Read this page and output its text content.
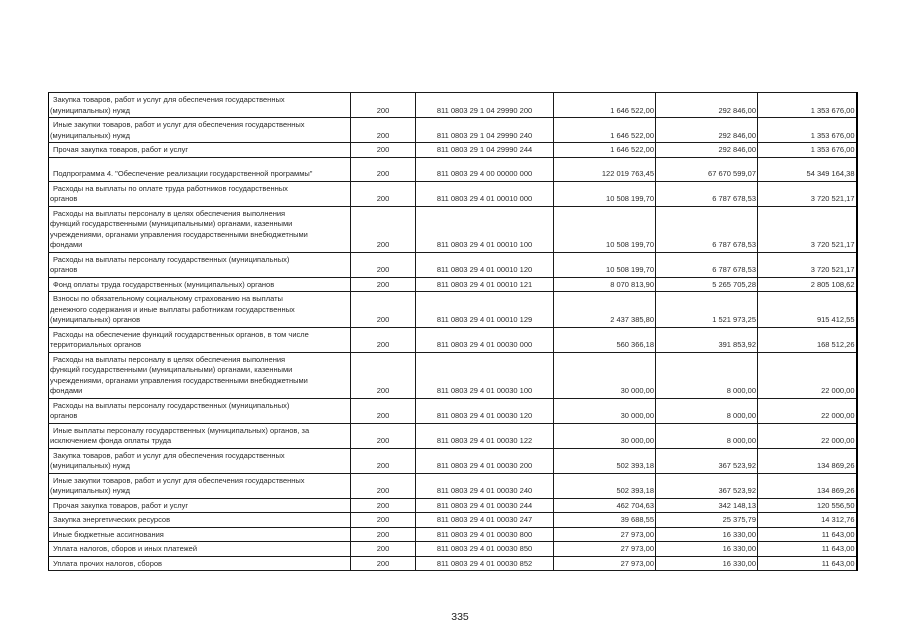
Закупка товаров, работ и услуг для обеспечения государственных
(муниципальных) нужд	200	811 0803 29 1 04 29990 200	1 646 522,00	292 846,00	1 353 676,00
Иные закупки товаров, работ и услуг для обеспечения государственных
(муниципальных) нужд	200	811 0803 29 1 04 29990 240	1 646 522,00	292 846,00	1 353 676,00
Прочая закупка товаров, работ и услуг	200	811 0803 29 1 04 29990 244	1 646 522,00	292 846,00	1 353 676,00
Подпрограмма 4. "Обеспечение реализации государственной программы"	200	811 0803 29 4 00 00000 000	122 019 763,45	67 670 599,07	54 349 164,38
Расходы на выплаты по оплате труда работников государственных
органов	200	811 0803 29 4 01 00010 000	10 508 199,70	6 787 678,53	3 720 521,17
Расходы на выплаты персоналу в целях обеспечения выполнения
функций государственными (муниципальными) органами, казенными
учреждениями, органами управления государственными внебюджетными
фондами	200	811 0803 29 4 01 00010 100	10 508 199,70	6 787 678,53	3 720 521,17
Расходы на выплаты персоналу государственных (муниципальных)
органов	200	811 0803 29 4 01 00010 120	10 508 199,70	6 787 678,53	3 720 521,17
Фонд оплаты труда государственных (муниципальных) органов	200	811 0803 29 4 01 00010 121	8 070 813,90	5 265 705,28	2 805 108,62
Взносы по обязательному социальному страхованию на выплаты
денежного содержания и иные выплаты работникам государственных
(муниципальных) органов	200	811 0803 29 4 01 00010 129	2 437 385,80	1 521 973,25	915 412,55
Расходы на обеспечение функций государственных органов, в том числе
территориальных органов	200	811 0803 29 4 01 00030 000	560 366,18	391 853,92	168 512,26
Расходы на выплаты персоналу в целях обеспечения выполнения
функций государственными (муниципальными) органами, казенными
учреждениями, органами управления государственными внебюджетными
фондами	200	811 0803 29 4 01 00030 100	30 000,00	8 000,00	22 000,00
Расходы на выплаты персоналу государственных (муниципальных)
органов	200	811 0803 29 4 01 00030 120	30 000,00	8 000,00	22 000,00
Иные выплаты персоналу государственных (муниципальных) органов, за
исключением фонда оплаты труда	200	811 0803 29 4 01 00030 122	30 000,00	8 000,00	22 000,00
Закупка товаров, работ и услуг для обеспечения государственных
(муниципальных) нужд	200	811 0803 29 4 01 00030 200	502 393,18	367 523,92	134 869,26
Иные закупки товаров, работ и услуг для обеспечения государственных
(муниципальных) нужд	200	811 0803 29 4 01 00030 240	502 393,18	367 523,92	134 869,26
Прочая закупка товаров, работ и услуг	200	811 0803 29 4 01 00030 244	462 704,63	342 148,13	120 556,50
Закупка энергетических ресурсов	200	811 0803 29 4 01 00030 247	39 688,55	25 375,79	14 312,76
Иные бюджетные ассигнования	200	811 0803 29 4 01 00030 800	27 973,00	16 330,00	11 643,00
Уплата налогов, сборов и иных платежей	200	811 0803 29 4 01 00030 850	27 973,00	16 330,00	11 643,00
Уплата прочих налогов, сборов	200	811 0803 29 4 01 00030 852	27 973,00	16 330,00	11 643,00
335
